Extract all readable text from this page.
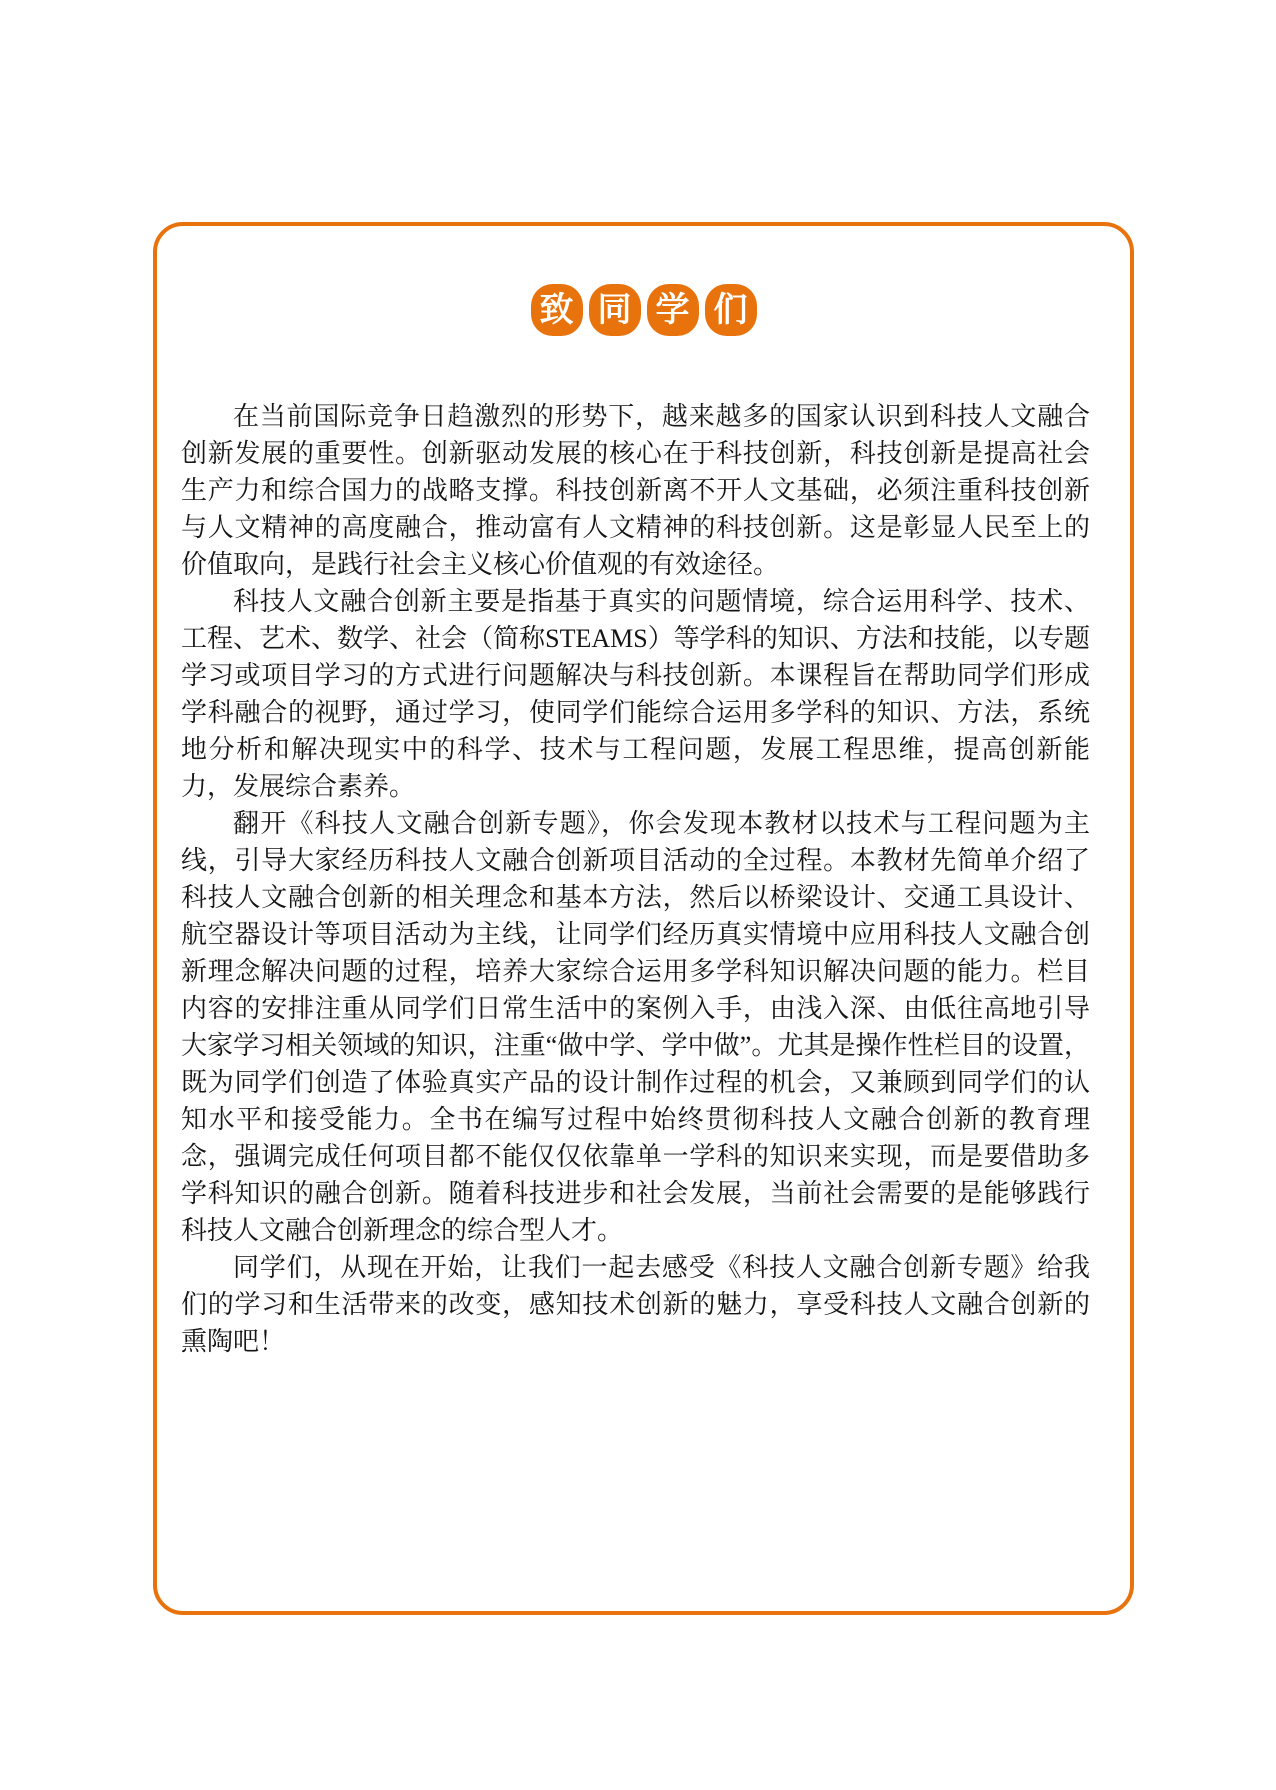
致 同 学 们

在当前国际竞争日趋激烈的形势下，越来越多的国家认识到科技人文融合创新发展的重要性。创新驱动发展的核心在于科技创新，科技创新是提高社会生产力和综合国力的战略支撑。科技创新离不开人文基础，必须注重科技创新与人文精神的高度融合，推动富有人文精神的科技创新。这是彰显人民至上的价值取向，是践行社会主义核心价值观的有效途径。

科技人文融合创新主要是指基于真实的问题情境，综合运用科学、技术、工程、艺术、数学、社会（简称STEAMS）等学科的知识、方法和技能，以专题学习或项目学习的方式进行问题解决与科技创新。本课程旨在帮助同学们形成学科融合的视野，通过学习，使同学们能综合运用多学科的知识、方法，系统地分析和解决现实中的科学、技术与工程问题，发展工程思维，提高创新能力，发展综合素养。

翻开《科技人文融合创新专题》，你会发现本教材以技术与工程问题为主线，引导大家经历科技人文融合创新项目活动的全过程。本教材先简单介绍了科技人文融合创新的相关理念和基本方法，然后以桥梁设计、交通工具设计、航空器设计等项目活动为主线，让同学们经历真实情境中应用科技人文融合创新理念解决问题的过程，培养大家综合运用多学科知识解决问题的能力。栏目内容的安排注重从同学们日常生活中的案例入手，由浅入深、由低往高地引导大家学习相关领域的知识，注重“做中学、学中做”。尤其是操作性栏目的设置，既为同学们创造了体验真实产品的设计制作过程的机会，又兼顾到同学们的认知水平和接受能力。全书在编写过程中始终贯彻科技人文融合创新的教育理念，强调完成任何项目都不能仅仅依靠单一学科的知识来实现，而是要借助多学科知识的融合创新。随着科技进步和社会发展，当前社会需要的是能够践行科技人文融合创新理念的综合型人才。

同学们，从现在开始，让我们一起去感受《科技人文融合创新专题》给我们的学习和生活带来的改变，感知技术创新的魅力，享受科技人文融合创新的熏陶吧！
